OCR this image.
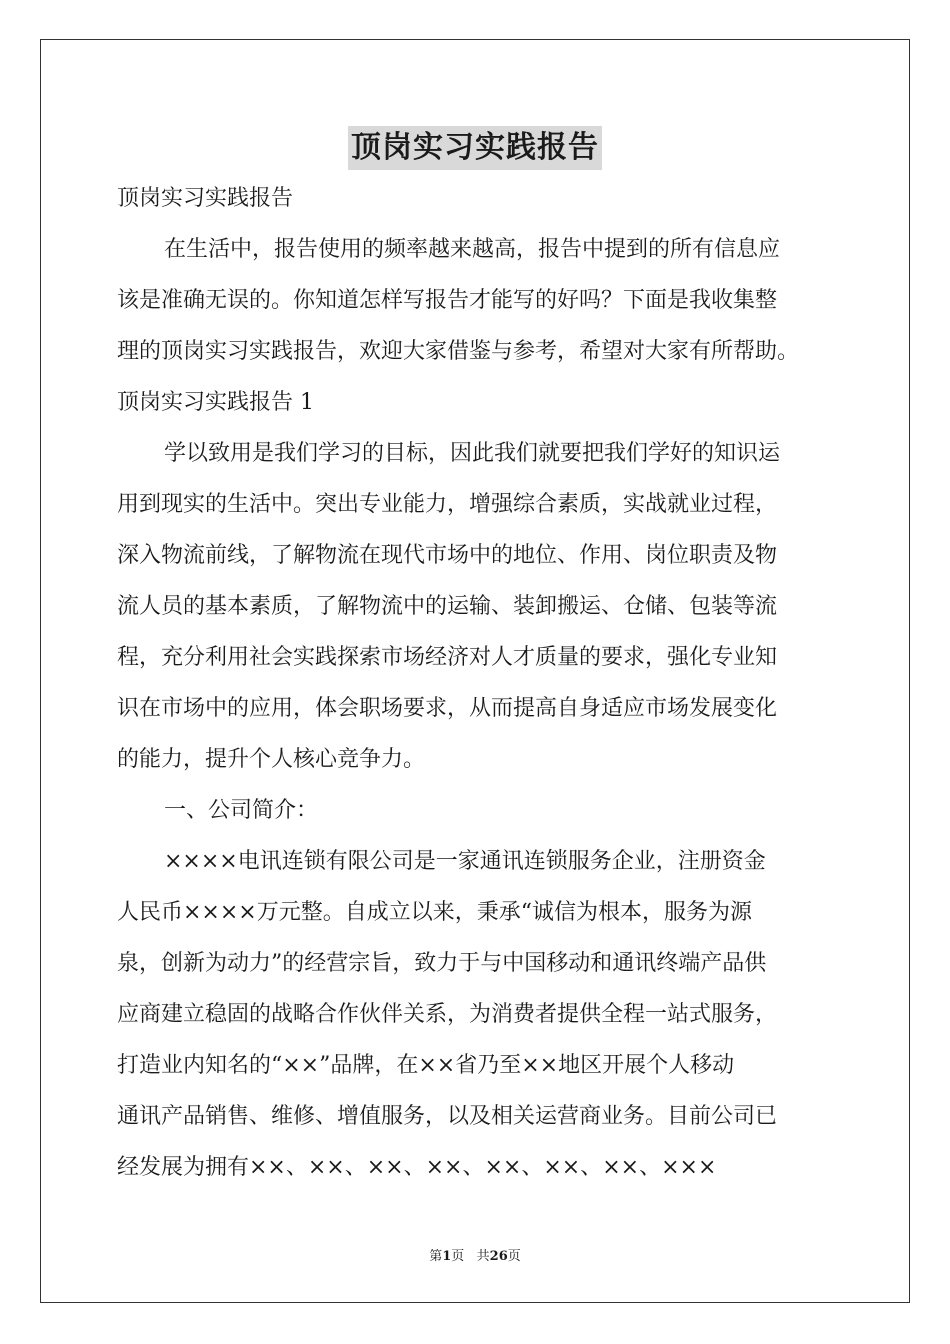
顶岗实习实践报告
顶岗实习实践报告
在生活中，报告使用的频率越来越高，报告中提到的所有信息应
该是准确无误的。你知道怎样写报告才能写的好吗？下面是我收集整
理的顶岗实习实践报告，欢迎大家借鉴与参考，希望对大家有所帮助。
顶岗实习实践报告 1
学以致用是我们学习的目标，因此我们就要把我们学好的知识运
用到现实的生活中。突出专业能力，增强综合素质，实战就业过程，
深入物流前线，了解物流在现代市场中的地位、作用、岗位职责及物
流人员的基本素质，了解物流中的运输、装卸搬运、仓储、包装等流
程，充分利用社会实践探索市场经济对人才质量的要求，强化专业知
识在市场中的应用，体会职场要求，从而提高自身适应市场发展变化
的能力，提升个人核心竞争力。
一、公司简介：
××××电讯连锁有限公司是一家通讯连锁服务企业，注册资金
人民币××××万元整。自成立以来，秉承“诚信为根本，服务为源
泉，创新为动力”的经营宗旨，致力于与中国移动和通讯终端产品供
应商建立稳固的战略合作伙伴关系，为消费者提供全程一站式服务，
打造业内知名的“××”品牌，在××省乃至××地区开展个人移动
通讯产品销售、维修、增值服务，以及相关运营商业务。目前公司已
经发展为拥有××、××、××、××、××、××、××、×××
第1页   共26页
